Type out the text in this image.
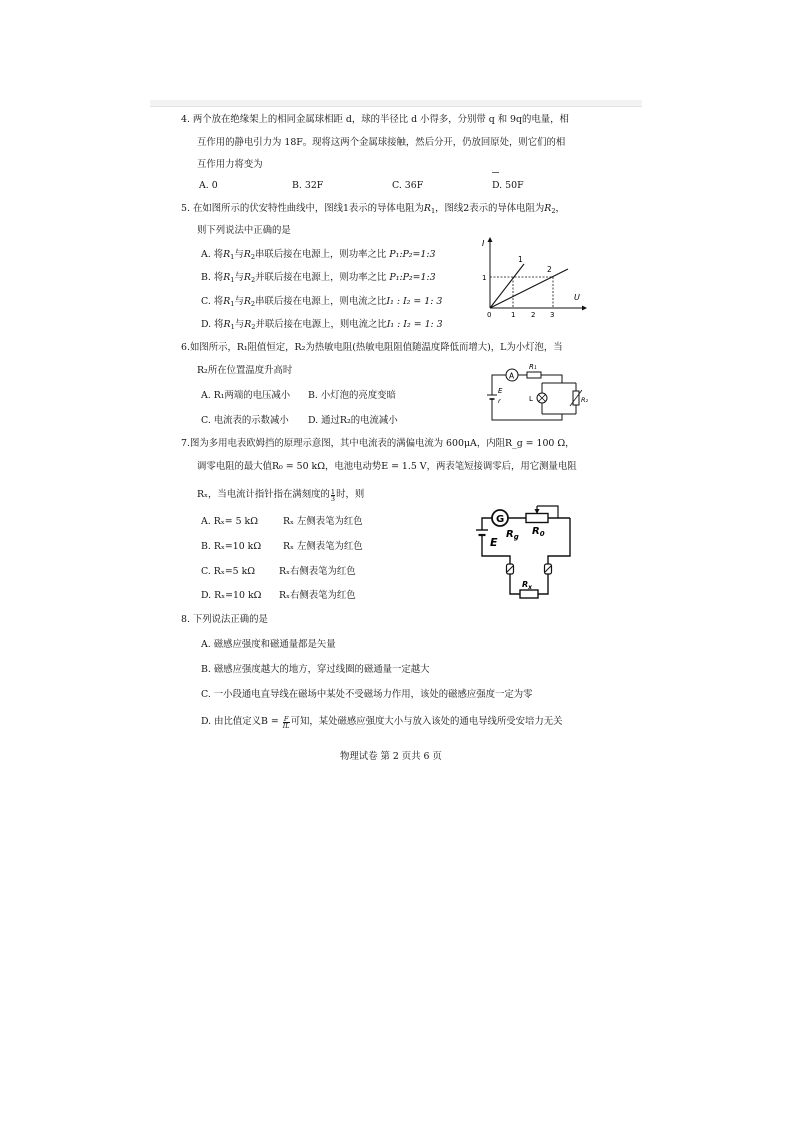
4. 两个放在绝缘架上的相同金属球相距 d，球的半径比 d 小得多，分别带 q 和 9q的电量，相
互作用的静电引力为 18F。现将这两个金属球接触，然后分开，仍放回原处，则它们的相
互作用力将变为
A. 0	B. 32F	C. 36F	D. 50F
5. 在如图所示的伏安特性曲线中，图线1表示的导体电阻为$R_1$，图线2表示的导体电阻为$R_2$，
则下列说法中正确的是
A. 将$R_1$与$R_2$串联后接在电源上，则功率之比 P₁:P₂=1:3
B. 将$R_1$与$R_2$并联后接在电源上，则功率之比 P₁:P₂=1:3
C. 将$R_1$与$R_2$串联后接在电源上，则电流之比I₁ : I₂ = 1: 3
D. 将$R_1$与$R_2$并联后接在电源上，则电流之比I₁ : I₂ = 1: 3
I
U
0	1 2 3
1
1
2
6.如图所示，R₁阻值恒定，R₂为热敏电阻(热敏电阻阻值随温度降低而增大)，L为小灯泡，当
R₂所在位置温度升高时
A. R₁两端的电压减小 B. 小灯泡的亮度变暗
C. 电流表的示数减小 D. 通过R₂的电流减小
A
R₁
L	R₂
E
r
7.图为多用电表欧姆挡的原理示意图，其中电流表的满偏电流为 600μA，内阻R_g = 100 Ω，
调零电阻的最大值R₀ = 50 kΩ，电池电动势E = 1.5 V，两表笔短接调零后，用它测量电阻
Rₓ，当电流计指针指在满刻度的 $\frac{1}{3}$ 时，则
A. Rₓ= 5 kΩ	Rₓ 左侧表笔为红色
B. Rₓ=10 kΩ Rₓ 左侧表笔为红色
C. Rₓ=5 kΩ	Rₓ右侧表笔为红色
D. Rₓ=10 kΩ Rₓ右侧表笔为红色
G
$R_g$ $R_0$
E
$R_x$
8. 下列说法正确的是
A. 磁感应强度和磁通量都是矢量
B. 磁感应强度越大的地方，穿过线圈的磁通量一定越大
C. 一小段通电直导线在磁场中某处不受磁场力作用，该处的磁感应强度一定为零
D. 由比值定义$B = \frac{F}{IL}$ 可知，某处磁感应强度大小与放入该处的通电导线所受安培力无关
物理试卷 第 2 页共 6 页
